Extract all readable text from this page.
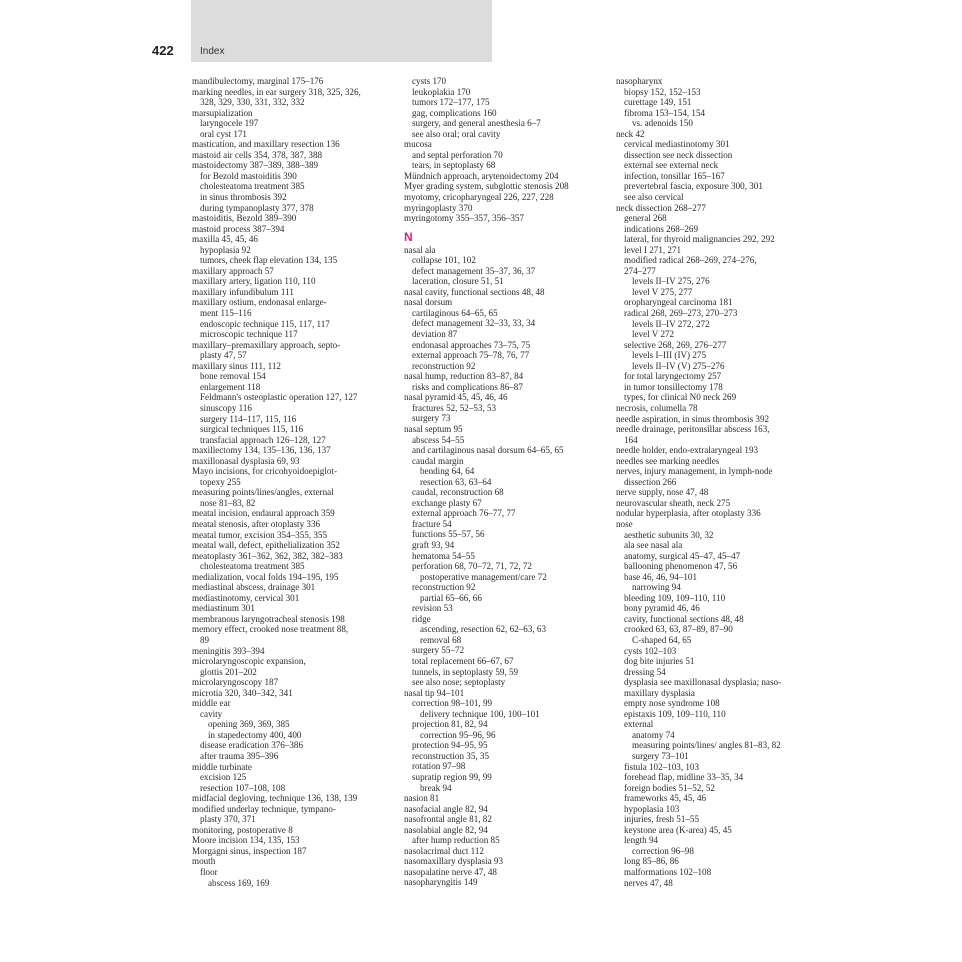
422	Index
mandibulectomy, marginal 175–176
marking needles, in ear surgery 318, 325, 326,
328, 329, 330, 331, 332, 332
marsupialization
laryngocele 197
oral cyst 171
mastication, and maxillary resection 136
mastoid air cells 354, 378, 387, 388
mastoidectomy 387–389, 388–389
for Bezold mastoiditis 390
cholesteatoma treatment 385
in sinus thrombosis 392
during tympanoplasty 377, 378
mastoiditis, Bezold 389–390
mastoid process 387–394
maxilla 45, 45, 46
hypoplasia 92
tumors, cheek flap elevation 134, 135
maxillary approach 57
maxillary artery, ligation 110, 110
maxillary infundibulum 111
maxillary ostium, endonasal enlarge-
ment 115–116
endoscopic technique 115, 117, 117
microscopic technique 117
maxillary–premaxillary approach, septo-
plasty 47, 57
maxillary sinus 111, 112
bone removal 154
enlargement 118
Feldmann's osteoplastic operation 127, 127
sinuscopy 116
surgery 114–117, 115, 116
surgical techniques 115, 116
transfacial approach 126–128, 127
maxillectomy 134, 135–136, 136, 137
maxillonasal dysplasia 69, 93
Mayo incisions, for cricohyoidoepiglot-
topexy 255
measuring points/lines/angles, external
nose 81–83, 82
meatal incision, endaural approach 359
meatal stenosis, after otoplasty 336
meatal tumor, excision 354–355, 355
meatal wall, defect, epithelialization 352
meatoplasty 361–362, 362, 382, 382–383
cholesteatoma treatment 385
medialization, vocal folds 194–195, 195
mediastinal abscess, drainage 301
mediastinotomy, cervical 301
mediastinum 301
membranous laryngotracheal stenosis 198
memory effect, crooked nose treatment 88,
89
meningitis 393–394
microlaryngoscopic expansion,
glottis 201–202
microlaryngoscopy 187
microtia 320, 340–342, 341
middle ear
cavity
opening 369, 369, 385
in stapedectomy 400, 400
disease eradication 376–386
after trauma 395–396
middle turbinate
excision 125
resection 107–108, 108
midfacial degloving, technique 136, 138, 139
modified underlay technique, tympano-
plasty 370, 371
monitoring, postoperative 8
Moore incision 134, 135, 153
Morgagni sinus, inspection 187
mouth
floor
abscess 169, 169
cysts 170
leukoplakia 170
tumors 172–177, 175
gag, complications 160
surgery, and general anesthesia 6–7
see also oral; oral cavity
mucosa
and septal perforation 70
tears, in septoplasty 68
Mündnich approach, arytenoidectomy 204
Myer grading system, subglottic stenosis 208
myotomy, cricopharyngeal 226, 227, 228
myringoplasty 370
myringotomy 355–357, 356–357
N
nasal ala
collapse 101, 102
defect management 35–37, 36, 37
laceration, closure 51, 51
nasal cavity, functional sections 48, 48
nasal dorsum
cartilaginous 64–65, 65
defect management 32–33, 33, 34
deviation 87
endonasal approaches 73–75, 75
external approach 75–78, 76, 77
reconstruction 92
nasal hump, reduction 83–87, 84
risks and complications 86–87
nasal pyramid 45, 45, 46, 46
fractures 52, 52–53, 53
surgery 73
nasal septum 95
abscess 54–55
and cartilaginous nasal dorsum 64–65, 65
caudal margin
bending 64, 64
resection 63, 63–64
caudal, reconstruction 68
exchange plasty 67
external approach 76–77, 77
fracture 54
functions 55–57, 56
graft 93, 94
hematoma 54–55
perforation 68, 70–72, 71, 72, 72
postoperative management/care 72
reconstruction 92
partial 65–66, 66
revision 53
ridge
ascending, resection 62, 62–63, 63
removal 68
surgery 55–72
total replacement 66–67, 67
tunnels, in septoplasty 59, 59
see also nose; septoplasty
nasal tip 94–101
correction 98–101, 99
delivery technique 100, 100–101
projection 81, 82, 94
correction 95–96, 96
protection 94–95, 95
reconstruction 35, 35
rotation 97–98
supratip region 99, 99
break 94
nasion 81
nasofacial angle 82, 94
nasofrontal angle 81, 82
nasolabial angle 82, 94
after hump reduction 85
nasolacrimal duct 112
nasomaxillary dysplasia 93
nasopalatine nerve 47, 48
nasopharyngitis 149
nasopharynx
biopsy 152, 152–153
curettage 149, 151
fibroma 153–154, 154
vs. adenoids 150
neck 42
cervical mediastinotomy 301
dissection see neck dissection
external see external neck
infection, tonsillar 165–167
prevertebral fascia, exposure 300, 301
see also cervical
neck dissection 268–277
general 268
indications 268–269
lateral, for thyroid malignancies 292, 292
level I 271, 271
modified radical 268–269, 274–276,
274–277
levels II–IV 275, 276
level V 275, 277
oropharyngeal carcinoma 181
radical 268, 269–273, 270–273
levels II–IV 272, 272
level V 272
selective 268, 269, 276–277
levels I–III (IV) 275
levels II–IV (V) 275–276
for total laryngectomy 257
in tumor tonsillectomy 178
types, for clinical N0 neck 269
necrosis, columella 78
needle aspiration, in sinus thrombosis 392
needle drainage, peritonsillar abscess 163,
164
needle holder, endo-extralaryngeal 193
needles see marking needles
nerves, injury management, in lymph-node
dissection 266
nerve supply, nose 47, 48
neurovascular sheath, neck 275
nodular hyperplasia, after otoplasty 336
nose
aesthetic subunits 30, 32
ala see nasal ala
anatomy, surgical 45–47, 45–47
ballooning phenomenon 47, 56
base 46, 46, 94–101
narrowing 94
bleeding 109, 109–110, 110
bony pyramid 46, 46
cavity, functional sections 48, 48
crooked 63, 63, 87–89, 87–90
C-shaped 64, 65
cysts 102–103
dog bite injuries 51
dressing 54
dysplasia see maxillonasal dysplasia; naso-
maxillary dysplasia
empty nose syndrome 108
epistaxis 109, 109–110, 110
external
anatomy 74
measuring points/lines/ angles 81–83, 82
surgery 73–101
fistula 102–103, 103
forehead flap, midline 33–35, 34
foreign bodies 51–52, 52
frameworks 45, 45, 46
hypoplasia 103
injuries, fresh 51–55
keystone area (K-area) 45, 45
length 94
correction 96–98
long 85–86, 86
malformations 102–108
nerves 47, 48
